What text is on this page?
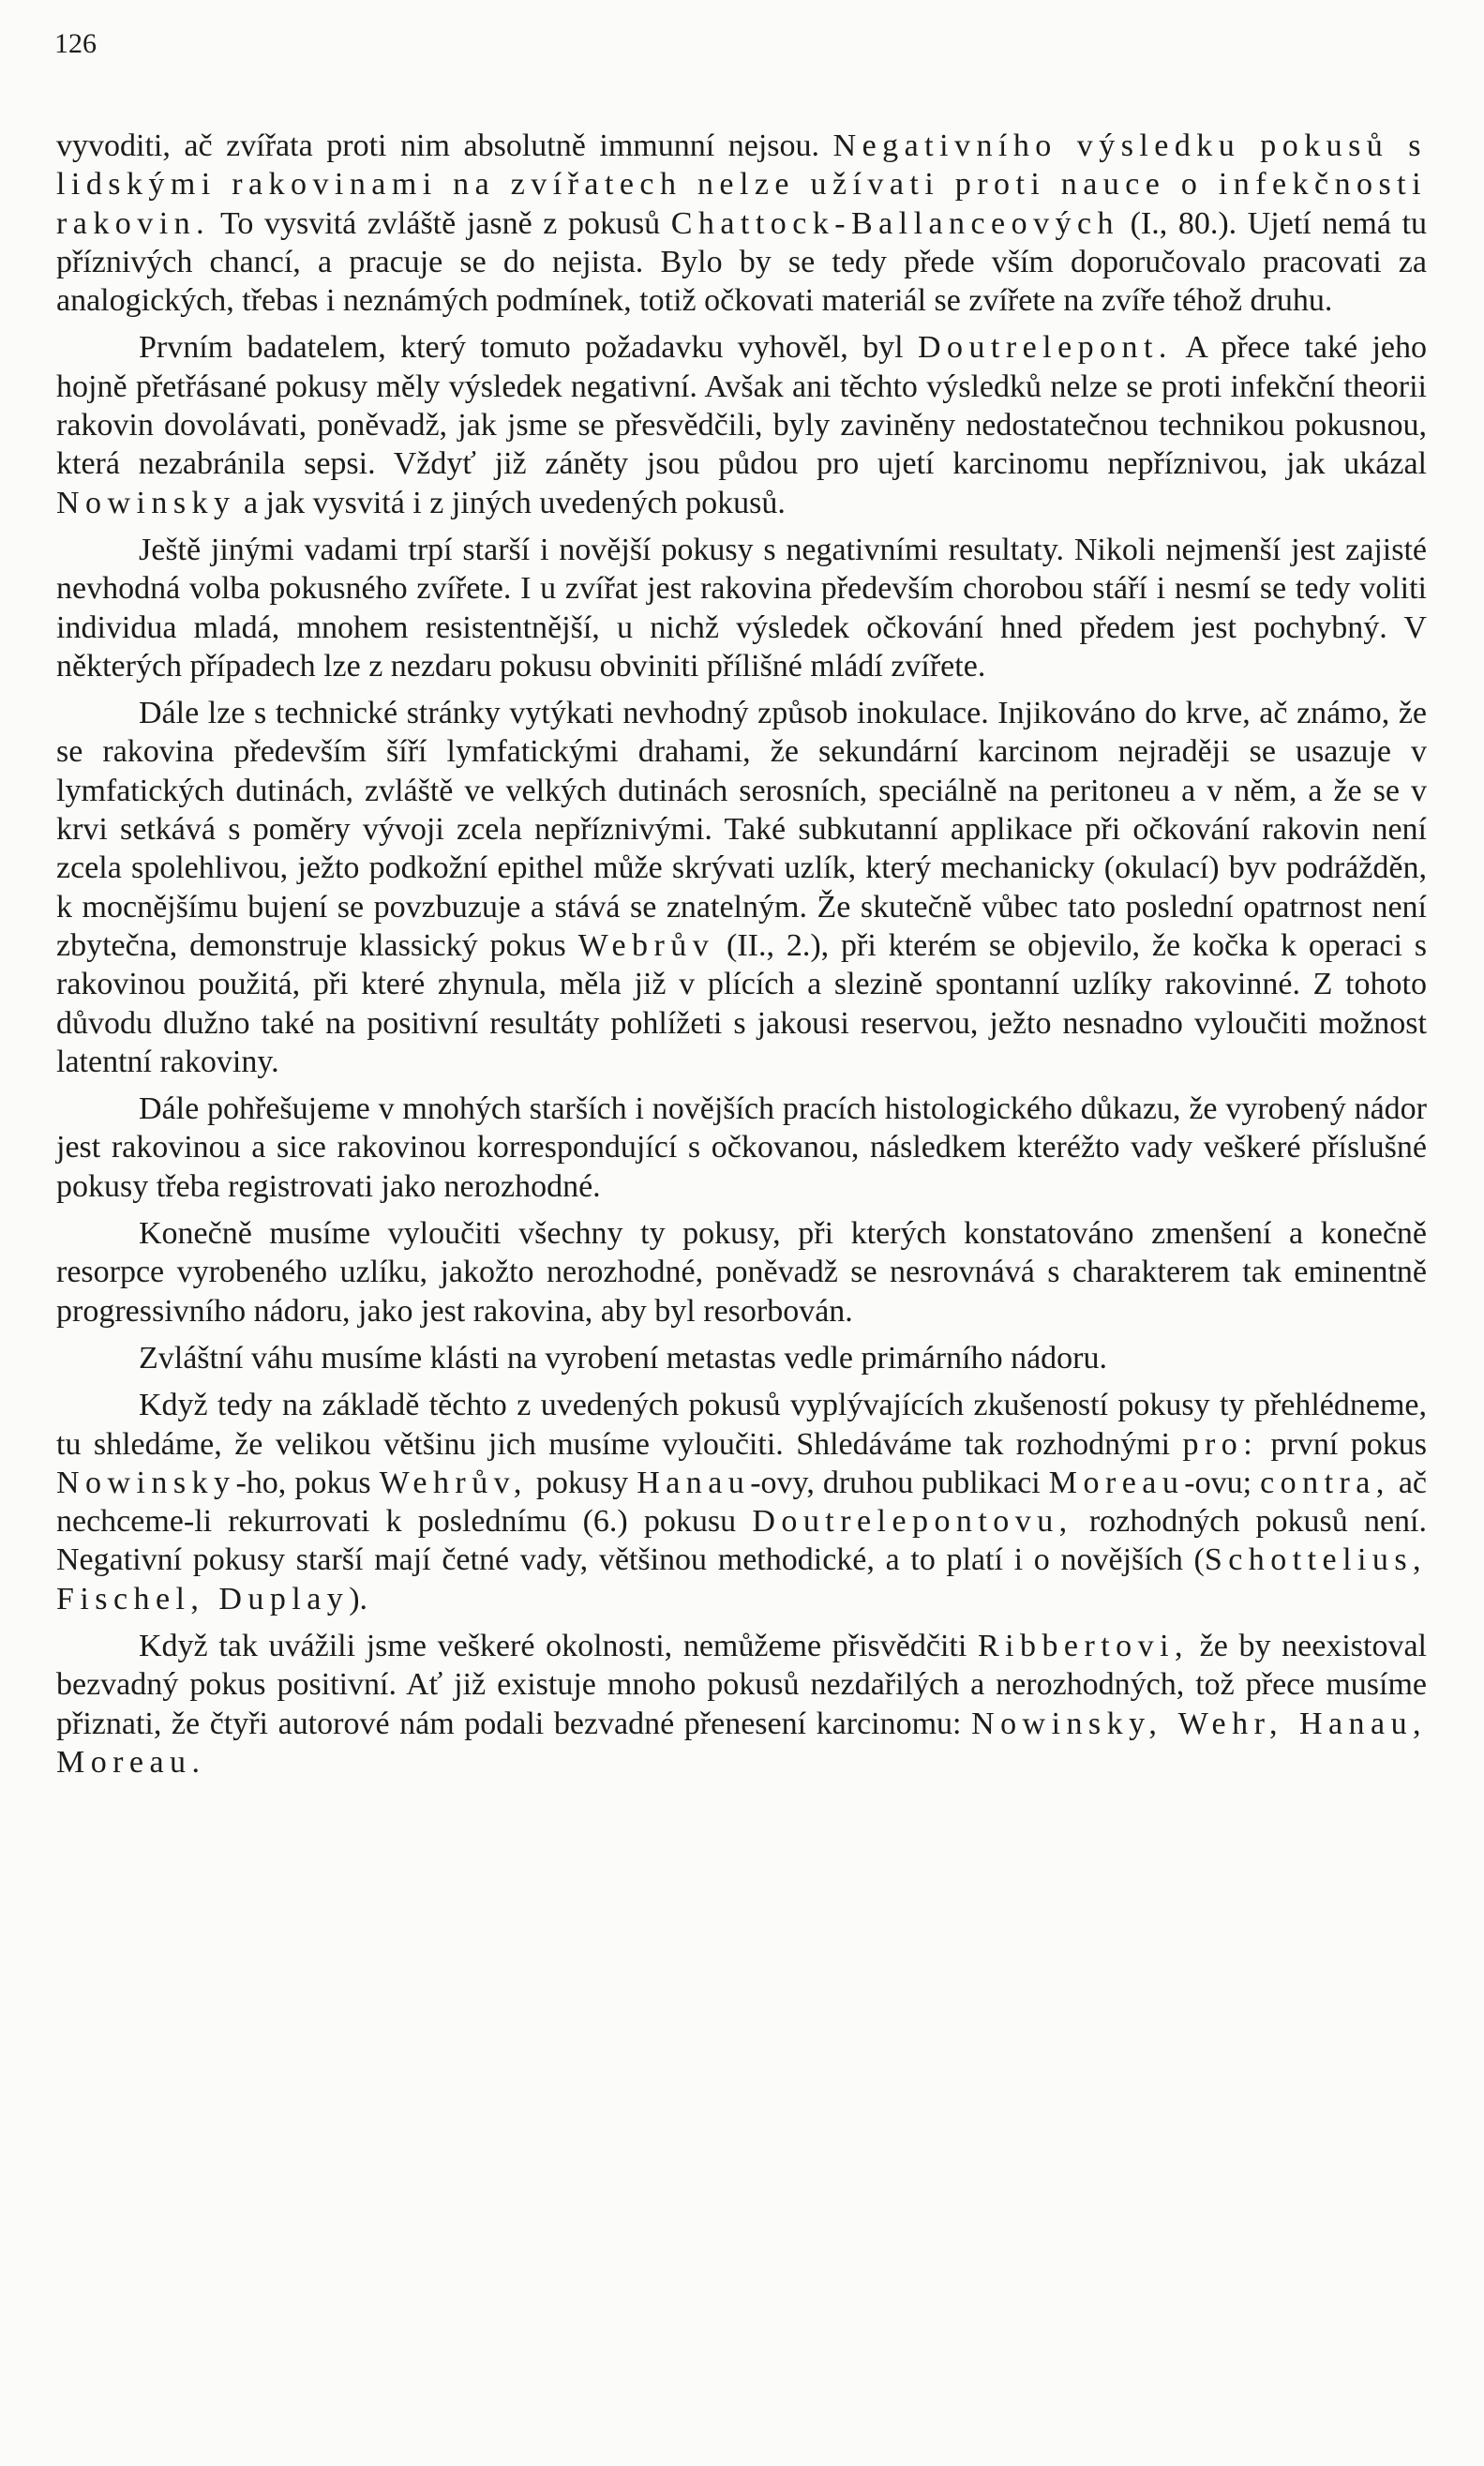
126

vyvoditi, ač zvířata proti nim absolutně immunní nejsou. Negativního výsledku pokusů s lidskými rakovinami na zvířatech nelze užívati proti nauce o infekčnosti rakovin. To vysvitá zvláště jasně z pokusů Chattock-Ballanceových (I., 80.). Ujetí nemá tu příznivých chancí, a pracuje se do nejista. Bylo by se tedy přede vším doporučovalo pracovati za analogických, třebas i neznámých podmínek, totiž očkovati materiál se zvířete na zvíře téhož druhu.

Prvním badatelem, který tomuto požadavku vyhověl, byl Doutrelepont. A přece také jeho hojně přetřásané pokusy měly výsledek negativní. Avšak ani těchto výsledků nelze se proti infekční theorii rakovin dovolávati, poněvadž, jak jsme se přesvědčili, byly zaviněny nedostatečnou technikou pokusnou, která nezabránila sepsi. Vždyť již záněty jsou půdou pro ujetí karcinomu nepříznivou, jak ukázal Nowinsky a jak vysvitá i z jiných uvedených pokusů.

Ještě jinými vadami trpí starší i novější pokusy s negativními resultaty. Nikoli nejmenší jest zajisté nevhodná volba pokusného zvířete. I u zvířat jest rakovina především chorobou stáří i nesmí se tedy voliti individua mladá, mnohem resistentnější, u nichž výsledek očkování hned předem jest pochybný. V některých případech lze z nezdaru pokusu obviniti přílišné mládí zvířete.

Dále lze s technické stránky vytýkati nevhodný způsob inokulace. Injikováno do krve, ač známo, že se rakovina především šíří lymfatickými drahami, že sekundární karcinom nejraději se usazuje v lymfatických dutinách, zvláště ve velkých dutinách serosních, speciálně na peritoneu a v něm, a že se v krvi setkává s poměry vývoji zcela nepříznivými. Také subkutanní applikace při očkování rakovin není zcela spolehlivou, ježto podkožní epithel může skrývati uzlík, který mechanicky (okulací) byv podrážděn, k mocnějšímu bujení se povzbuzuje a stává se znatelným. Že skutečně vůbec tato poslední opatrnost není zbytečna, demonstruje klassický pokus Webrův (II., 2.), při kterém se objevilo, že kočka k operaci s rakovinou použitá, při které zhynula, měla již v plících a slezině spontanní uzlíky rakovinné. Z tohoto důvodu dlužno také na positivní resultáty pohlížeti s jakousi reservou, ježto nesnadno vyloučiti možnost latentní rakoviny.

Dále pohřešujeme v mnohých starších i novějších pracích histologického důkazu, že vyrobený nádor jest rakovinou a sice rakovinou korrespondující s očkovanou, následkem kteréžto vady veškeré příslušné pokusy třeba registrovati jako nerozhodné.

Konečně musíme vyloučiti všechny ty pokusy, při kterých konstatováno zmenšení a konečně resorpce vyrobeného uzlíku, jakožto nerozhodné, poněvadž se nesrovnává s charakterem tak eminentně progressivního nádoru, jako jest rakovina, aby byl resorbován.

Zvláštní váhu musíme klásti na vyrobení metastas vedle primárního nádoru.

Když tedy na základě těchto z uvedených pokusů vyplývajících zkušeností pokusy ty přehlédneme, tu shledáme, že velikou většinu jich musíme vyloučiti. Shledáváme tak rozhodnými pro: první pokus Nowinsky-ho, pokus Wehrův, pokusy Hanau-ovy, druhou publikaci Moreau-ovu; contra, ač nechceme-li rekurrovati k poslednímu (6.) pokusu Doutrelepontovu, rozhodných pokusů není. Negativní pokusy starší mají četné vady, většinou methodické, a to platí i o novějších (Schottelius, Fischel, Duplay).

Když tak uvážili jsme veškeré okolnosti, nemůžeme přisvědčiti Ribbertovi, že by neexistoval bezvadný pokus positivní. Ať již existuje mnoho pokusů nezdařilých a nerozhodných, tož přece musíme přiznati, že čtyři autorové nám podali bezvadné přenesení karcinomu: Nowinsky, Wehr, Hanau, Moreau.
